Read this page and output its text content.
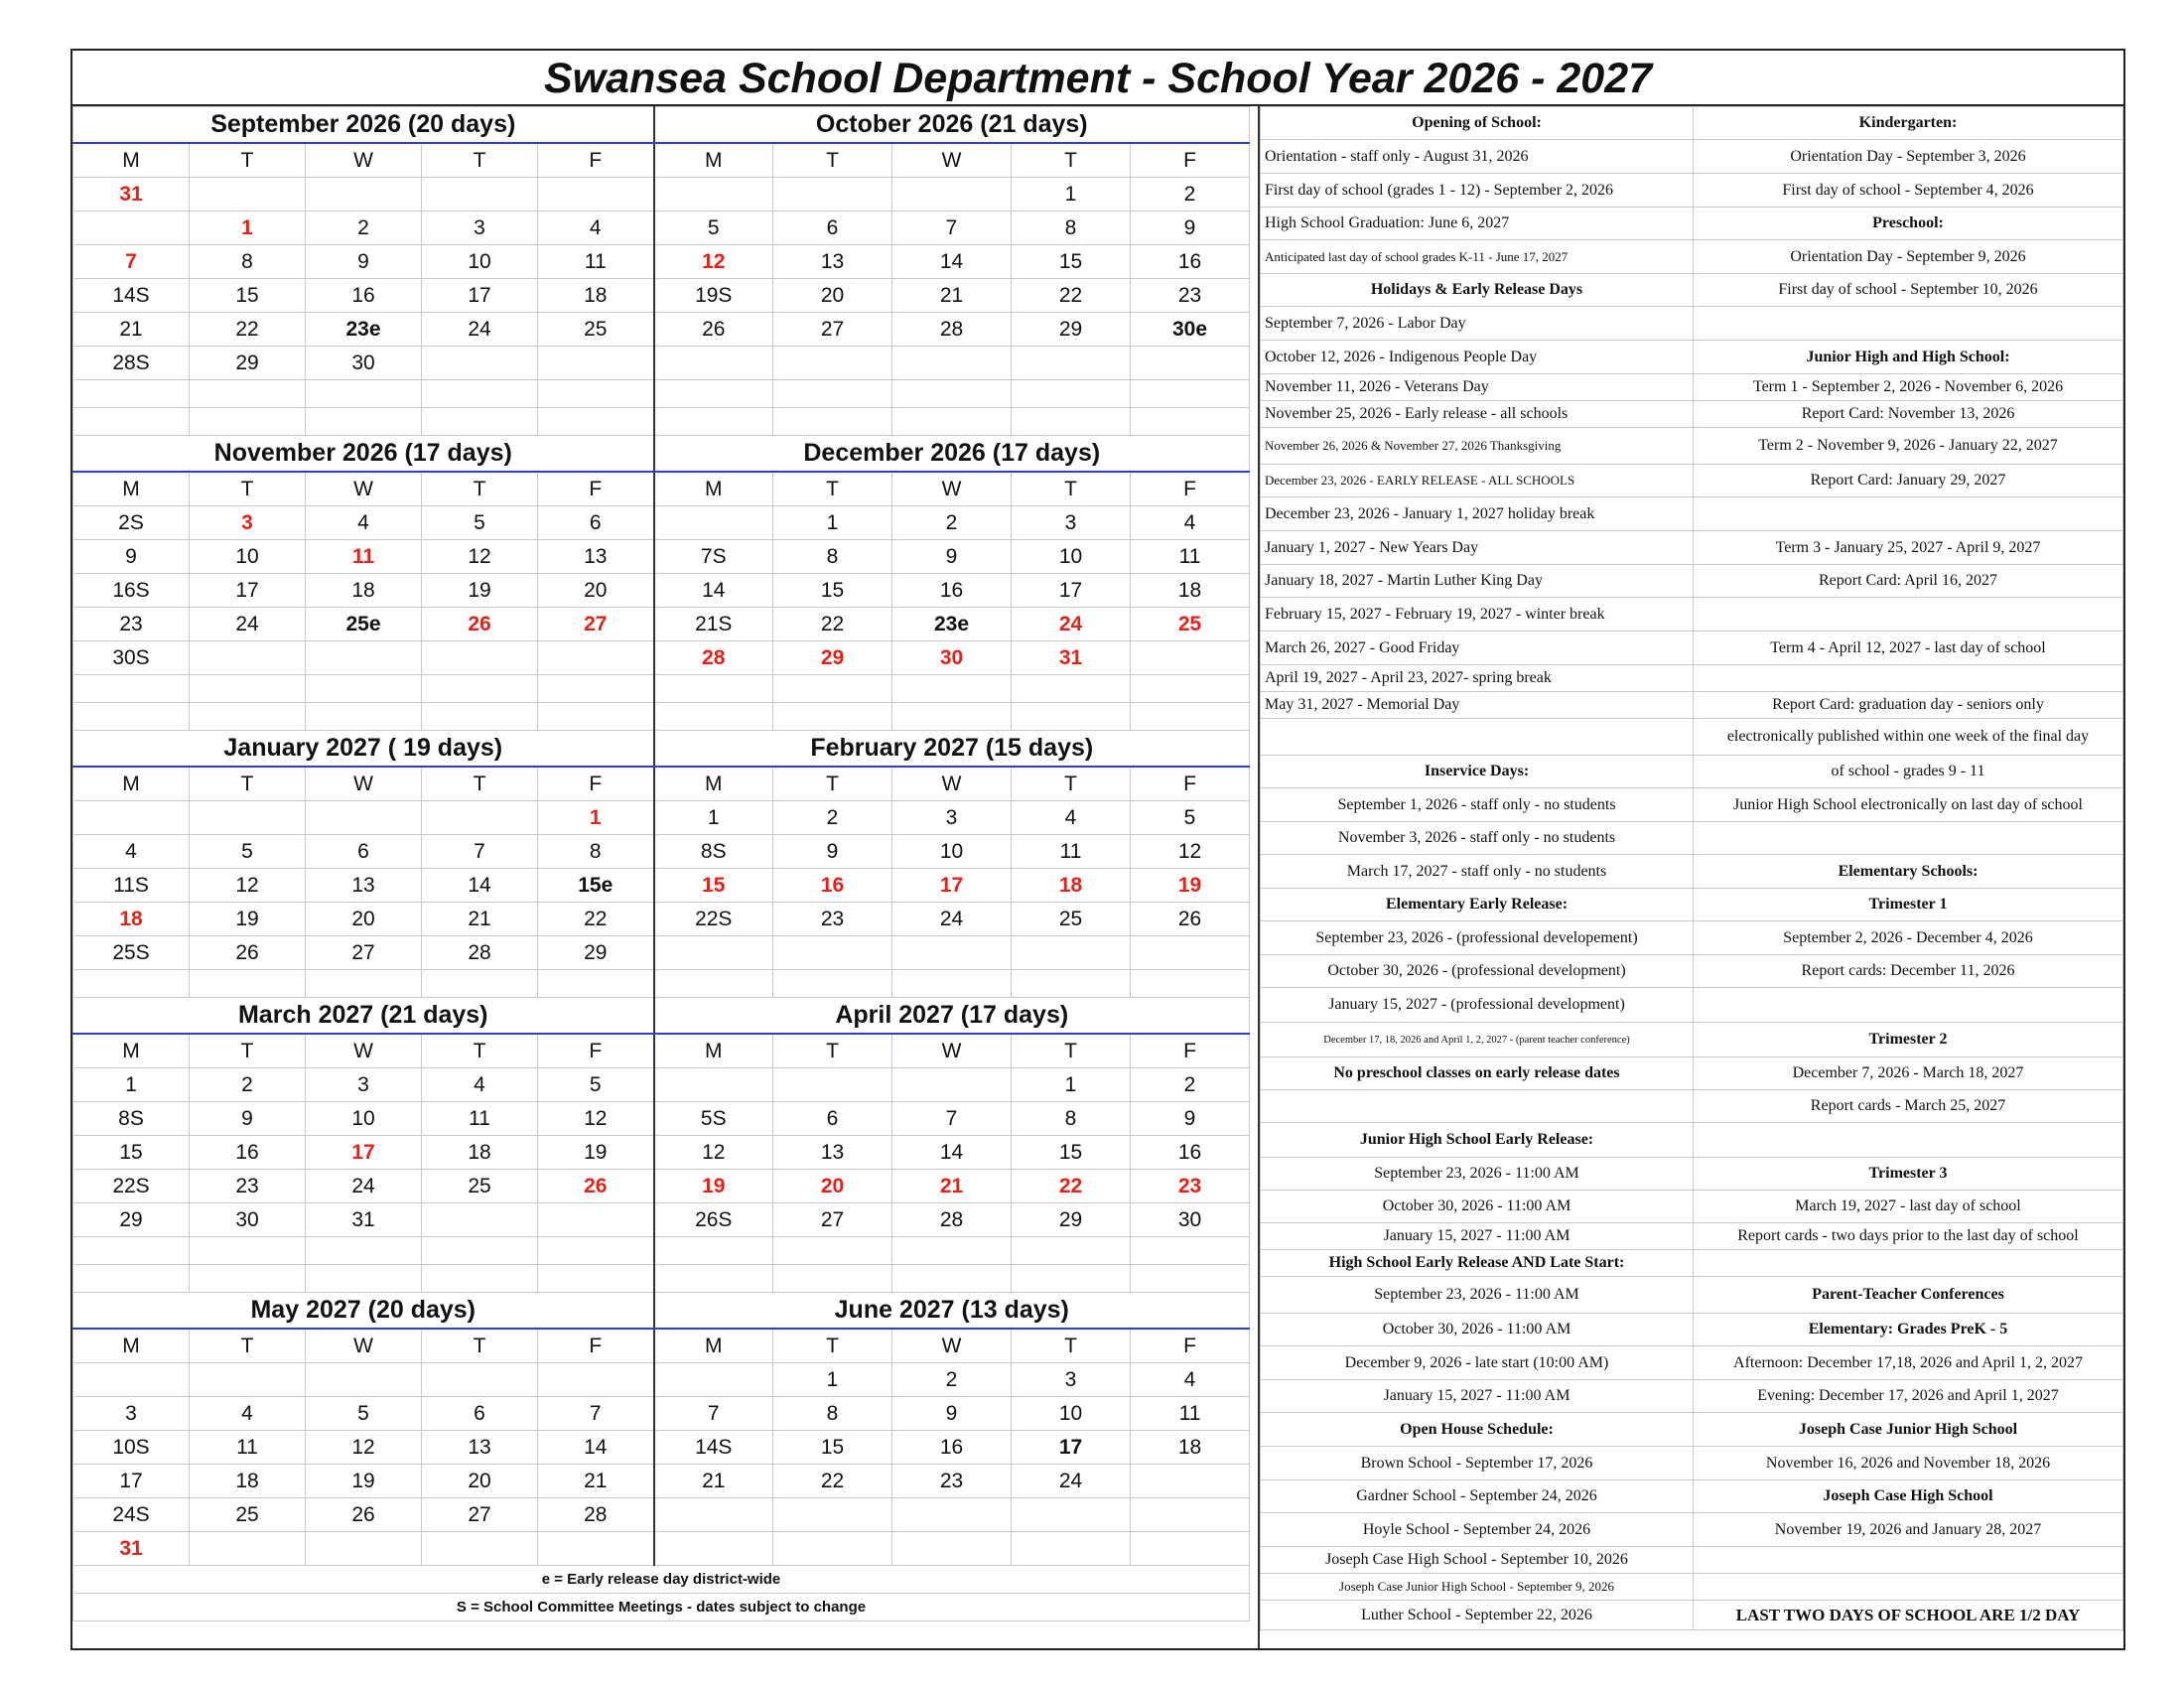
Swansea School Department - School Year 2026 - 2027
September 2026 (20 days)					October 2026 (21 days)				
M	T	W	T	F	M	T	W	T	F
31								1	2
	1	2	3	4	5	6	7	8	9
7	8	9	10	11	12	13	14	15	16
14S	15	16	17	18	19S	20	21	22	23
21	22	23e	24	25	26	27	28	29	30e
28S	29	30							

November 2026 (17 days)					December 2026 (17 days)				
M	T	W	T	F	M	T	W	T	F
2S	3	4	5	6		1	2	3	4
9	10	11	12	13	7S	8	9	10	11
16S	17	18	19	20	14	15	16	17	18
23	24	25e	26	27	21S	22	23e	24	25
30S					28	29	30	31	

January 2027 ( 19 days)					February 2027 (15 days)				
M	T	W	T	F	M	T	W	T	F
				1	1	2	3	4	5
4	5	6	7	8	8S	9	10	11	12
11S	12	13	14	15e	15	16	17	18	19
18	19	20	21	22	22S	23	24	25	26
25S	26	27	28	29					

March 2027 (21 days)					April 2027 (17 days)				
M	T	W	T	F	M	T	W	T	F
1	2	3	4	5				1	2
8S	9	10	11	12	5S	6	7	8	9
15	16	17	18	19	12	13	14	15	16
22S	23	24	25	26	19	20	21	22	23
29	30	31			26S	27	28	29	30

May 2027 (20 days)					June 2027 (13 days)				
M	T	W	T	F	M	T	W	T	F
						1	2	3	4
3	4	5	6	7	7	8	9	10	11
10S	11	12	13	14	14S	15	16	17	18
17	18	19	20	21	21	22	23	24	
24S	25	26	27	28					
31									
e = Early release day district-wide									
S = School Committee Meetings - dates subject to change									
Opening of School:	Kindergarten:
Orientation - staff only - August 31, 2026	Orientation Day - September 3, 2026
First day of school (grades 1 - 12) - September 2, 2026	First day of school - September 4, 2026
High School Graduation: June 6, 2027	Preschool:
Anticipated last day of school grades K-11 - June 17, 2027	Orientation Day - September 9, 2026
Holidays & Early Release Days	First day of school - September 10, 2026
September 7, 2026 - Labor Day	
October 12, 2026 - Indigenous People Day	Junior High and High School:
November 11, 2026 - Veterans Day	Term 1 - September 2, 2026 - November 6, 2026
November 25, 2026 - Early release - all schools	Report Card: November 13, 2026
November 26, 2026 & November 27, 2026 Thanksgiving	Term 2 - November 9, 2026 - January 22, 2027
December 23, 2026 - EARLY RELEASE - ALL SCHOOLS	Report Card: January 29, 2027
December 23, 2026 - January 1, 2027 holiday break	
January 1, 2027 - New Years Day	Term 3 - January 25, 2027 - April 9, 2027
January 18, 2027 - Martin Luther King Day	Report Card: April 16, 2027
February 15, 2027 - February 19, 2027 - winter break	
March 26, 2027 - Good Friday	Term 4 - April 12, 2027 - last day of school
April 19, 2027 - April 23, 2027- spring break	
May 31, 2027 - Memorial Day	Report Card: graduation day - seniors only
	electronically published within one week of the final day
Inservice Days:	of school - grades 9 - 11
September 1, 2026 - staff only - no students	Junior High School electronically on last day of school
November 3, 2026 - staff only - no students	
March 17, 2027 - staff only - no students	Elementary Schools:
Elementary Early Release:	Trimester 1
September 23, 2026 - (professional developement)	September 2, 2026 - December 4, 2026
October 30, 2026 - (professional development)	Report cards: December 11, 2026
January 15, 2027 - (professional development)	
December 17, 18, 2026 and April 1, 2, 2027 - (parent teacher conference)	Trimester 2
No preschool classes on early release dates	December 7, 2026 - March 18, 2027
	Report cards - March 25, 2027
Junior High School Early Release:	
September 23, 2026 - 11:00 AM	Trimester 3
October 30, 2026 - 11:00 AM	March 19, 2027 - last day of school
January 15, 2027 - 11:00 AM	Report cards - two days prior to the last day of school
High School Early Release AND Late Start:	
September 23, 2026 - 11:00 AM	Parent-Teacher Conferences
October 30, 2026 - 11:00 AM	Elementary: Grades PreK - 5
December 9, 2026 - late start (10:00 AM)	Afternoon: December 17,18, 2026 and April 1, 2, 2027
January 15, 2027 - 11:00 AM	Evening: December 17, 2026 and April 1, 2027
Open House Schedule:	Joseph Case Junior High School
Brown School - September 17, 2026	November 16, 2026 and November 18, 2026
Gardner School - September 24, 2026	Joseph Case High School
Hoyle School - September 24, 2026	November 19, 2026 and January 28, 2027
Joseph Case High School - September 10, 2026	
Joseph Case Junior High School - September 9, 2026	
Luther School - September 22, 2026	LAST TWO DAYS OF SCHOOL ARE 1/2 DAY
